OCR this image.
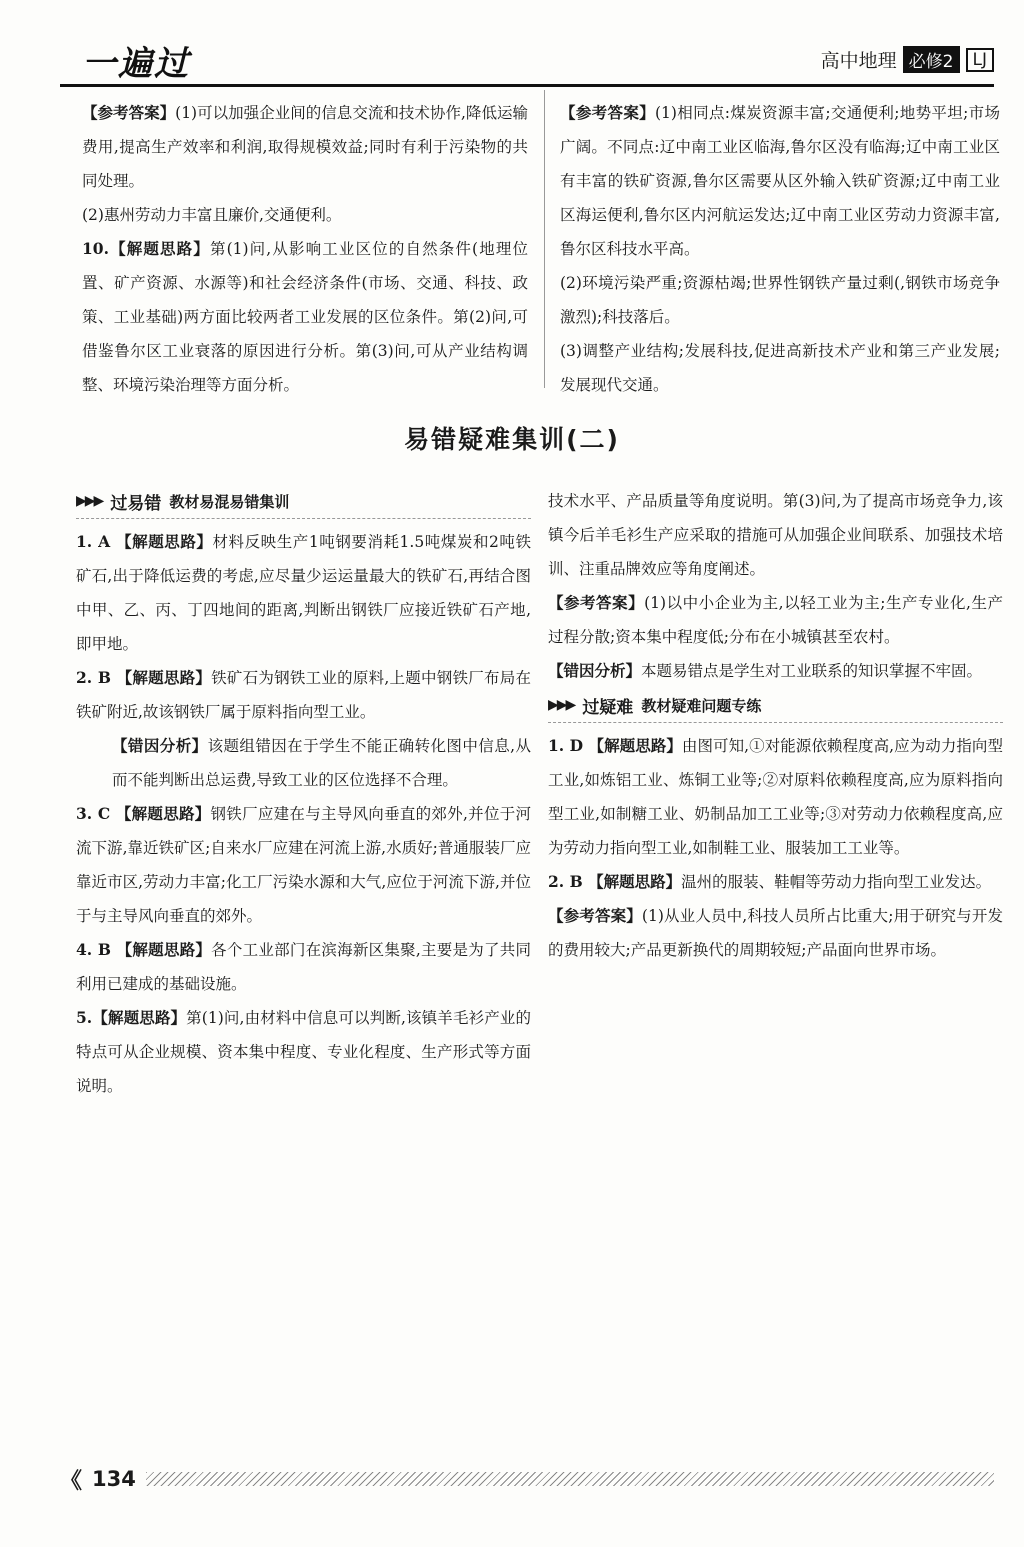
一遍过	高中地理 必修2	LJ

【参考答案】(1)可以加强企业间的信息交流和技术协作,降低运输费用,提高生产效率和利润,取得规模效益;同时有利于污染物的共同处理。

(2)惠州劳动力丰富且廉价,交通便利。

10.【解题思路】第(1)问,从影响工业区位的自然条件(地理位置、矿产资源、水源等)和社会经济条件(市场、交通、科技、政策、工业基础)两方面比较两者工业发展的区位条件。第(2)问,可借鉴鲁尔区工业衰落的原因进行分析。第(3)问,可从产业结构调整、环境污染治理等方面分析。

【参考答案】(1)相同点:煤炭资源丰富;交通便利;地势平坦;市场广阔。不同点:辽中南工业区临海,鲁尔区没有临海;辽中南工业区有丰富的铁矿资源,鲁尔区需要从区外输入铁矿资源;辽中南工业区海运便利,鲁尔区内河航运发达;辽中南工业区劳动力资源丰富,鲁尔区科技水平高。

(2)环境污染严重;资源枯竭;世界性钢铁产量过剩(,钢铁市场竞争激烈);科技落后。

(3)调整产业结构;发展科技,促进高新技术产业和第三产业发展;发展现代交通。

易错疑难集训(二)
▶▶▶ 过易错 教材易混易错集训

1. A 【解题思路】材料反映生产1吨钢要消耗1.5吨煤炭和2吨铁矿石,出于降低运费的考虑,应尽量少运运量最大的铁矿石,再结合图中甲、乙、丙、丁四地间的距离,判断出钢铁厂应接近铁矿石产地,即甲地。

2. B 【解题思路】铁矿石为钢铁工业的原料,上题中钢铁厂布局在铁矿附近,故该钢铁厂属于原料指向型工业。

【错因分析】该题组错因在于学生不能正确转化图中信息,从而不能判断出总运费,导致工业的区位选择不合理。

3. C 【解题思路】钢铁厂应建在与主导风向垂直的郊外,并位于河流下游,靠近铁矿区;自来水厂应建在河流上游,水质好;普通服装厂应靠近市区,劳动力丰富;化工厂污染水源和大气,应位于河流下游,并位于与主导风向垂直的郊外。

4. B 【解题思路】各个工业部门在滨海新区集聚,主要是为了共同利用已建成的基础设施。

5.【解题思路】第(1)问,由材料中信息可以判断,该镇羊毛衫产业的特点可从企业规模、资本集中程度、专业化程度、生产形式等方面说明。

技术水平、产品质量等角度说明。第(3)问,为了提高市场竞争力,该镇今后羊毛衫生产应采取的措施可从加强企业间联系、加强技术培训、注重品牌效应等角度阐述。

【参考答案】(1)以中小企业为主,以轻工业为主;生产专业化,生产过程分散;资本集中程度低;分布在小城镇甚至农村。

【错因分析】本题易错点是学生对工业联系的知识掌握不牢固。

▶▶▶ 过疑难 教材疑难问题专练

1. D 【解题思路】由图可知,①对能源依赖程度高,应为动力指向型工业,如炼铝工业、炼铜工业等;②对原料依赖程度高,应为原料指向型工业,如制糖工业、奶制品加工工业等;③对劳动力依赖程度高,应为劳动力指向型工业,如制鞋工业、服装加工工业等。

2. B 【解题思路】温州的服装、鞋帽等劳动力指向型工业发达。

【参考答案】(1)从业人员中,科技人员所占比重大;用于研究与开发的费用较大;产品更新换代的周期较短;产品面向世界市场。

《 134
